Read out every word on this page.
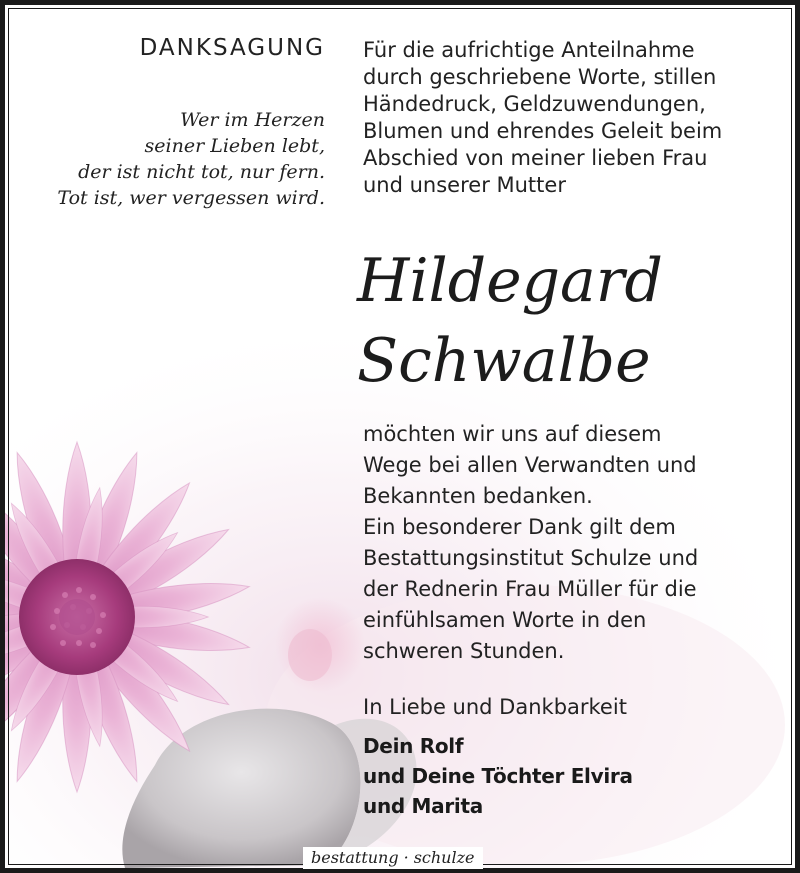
DANKSAGUNG
Wer im Herzen
seiner Lieben lebt,
der ist nicht tot, nur fern.
Tot ist, wer vergessen wird.
Für die aufrichtige Anteilnahme
durch geschriebene Worte, stillen
Händedruck, Geldzuwendungen,
Blumen und ehrendes Geleit beim
Abschied von meiner lieben Frau
und unserer Mutter
Hildegard
Schwalbe
möchten wir uns auf diesem
Wege bei allen Verwandten und
Bekannten bedanken.
Ein besonderer Dank gilt dem
Bestattungsinstitut Schulze und
der Rednerin Frau Müller für die
einfühlsamen Worte in den
schweren Stunden.
In Liebe und Dankbarkeit
Dein Rolf
und Deine Töchter Elvira
und Marita
bestattung · schulze
